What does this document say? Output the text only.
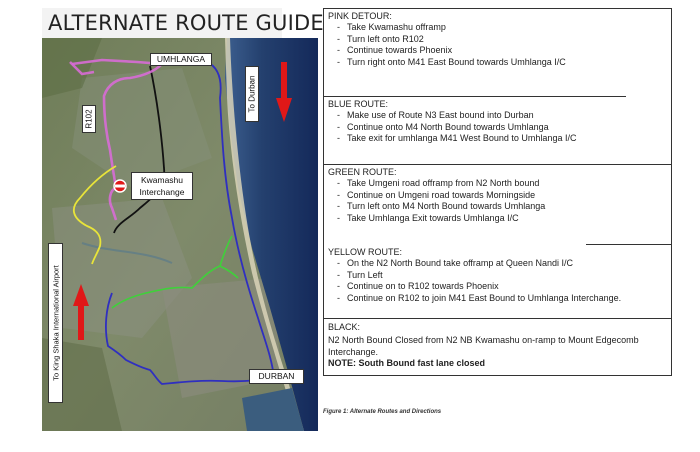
ALTERNATE ROUTE GUIDE
UMHLANGA
R102
Kwamashu Interchange
DURBAN
To Durban
To King Shaka International Airport
PINK DETOUR:
- Take Kwamashu offramp
- Turn left onto R102
- Continue towards Phoenix
- Turn right onto M41 East Bound towards Umhlanga I/C
BLUE ROUTE:
- Make use of Route N3 East bound into Durban
- Continue onto M4 North Bound towards Umhlanga
- Take exit for umhlanga M41 West Bound to Umhlanga I/C
GREEN ROUTE:
- Take Umgeni road offramp from N2 North bound
- Continue on Umgeni road towards Morningside
- Turn left onto M4 North Bound towards Umhlanga
- Take Umhlanga Exit towards Umhlanga I/C
YELLOW ROUTE:
- On the N2 North Bound take offramp at Queen Nandi I/C
- Turn Left
- Continue on to R102 towards Phoenix
- Continue on R102 to join M41 East Bound to Umhlanga Interchange.
BLACK:

N2 North Bound Closed from N2 NB Kwamashu on-ramp to Mount Edgecomb

Interchange.

NOTE: South Bound fast lane closed

Figure 1: Alternate Routes and Directions
